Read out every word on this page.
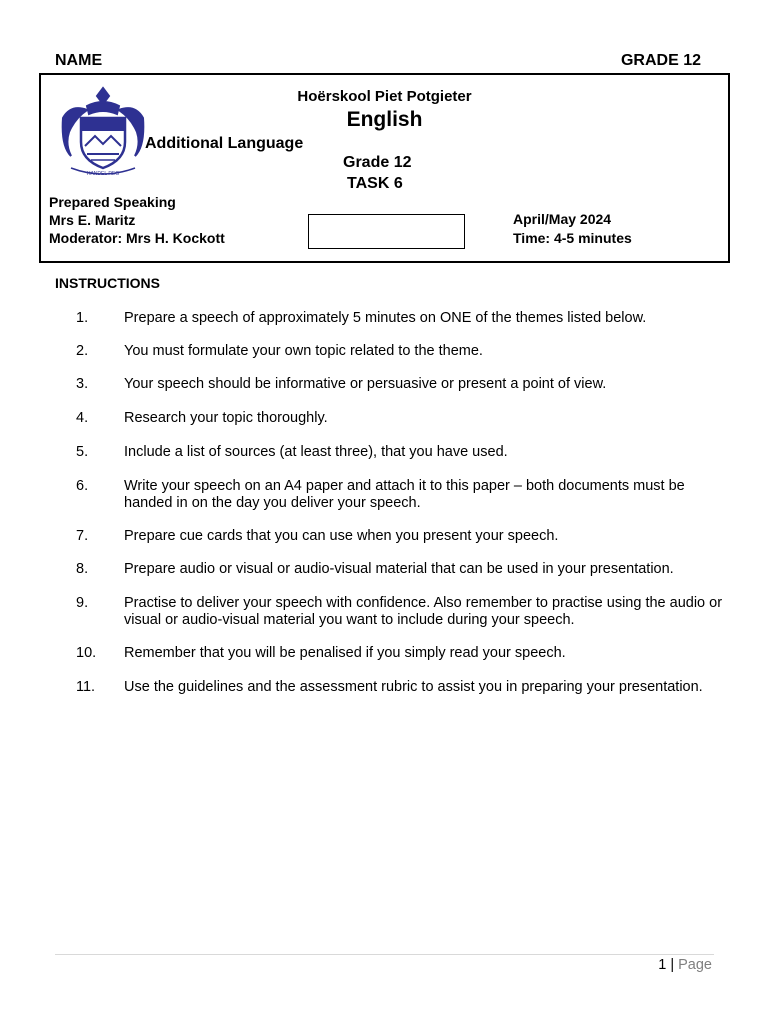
NAME	GRADE 12
HANDEL REG
Hoërskool Piet Potgieter
English
Additional Language
Grade 12
TASK 6
Prepared Speaking
Mrs E. Maritz
Moderator: Mrs H. Kockott
April/May 2024
Time: 4-5 minutes
INSTRUCTIONS
1. Prepare a speech of approximately 5 minutes on ONE of the themes listed below.
2. You must formulate your own topic related to the theme.
3. Your speech should be informative or persuasive or present a point of view.
4. Research your topic thoroughly.
5. Include a list of sources (at least three), that you have used.
6. Write your speech on an A4 paper and attach it to this paper – both documents must be handed in on the day you deliver your speech.
7. Prepare cue cards that you can use when you present your speech.
8. Prepare audio or visual or audio-visual material that can be used in your presentation.
9. Practise to deliver your speech with confidence. Also remember to practise using the audio or visual or audio-visual material you want to include during your speech.
10. Remember that you will be penalised if you simply read your speech.
11. Use the guidelines and the assessment rubric to assist you in preparing your presentation.
1 | Page
